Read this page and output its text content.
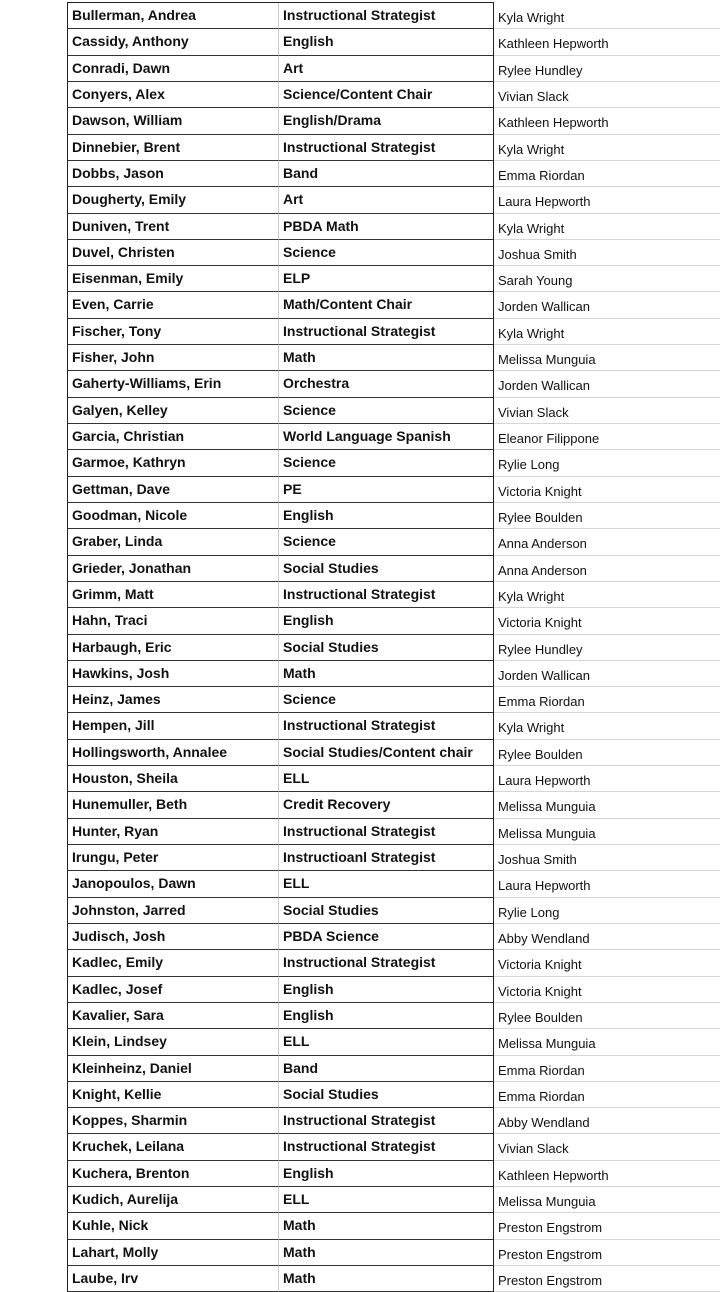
Bullerman, Andrea	Instructional Strategist	Kyla Wright
Cassidy, Anthony	English	Kathleen Hepworth
Conradi, Dawn	Art	Rylee Hundley
Conyers, Alex	Science/Content Chair	Vivian Slack
Dawson, William	English/Drama	Kathleen Hepworth
Dinnebier, Brent	Instructional Strategist	Kyla Wright
Dobbs, Jason	Band	Emma Riordan
Dougherty, Emily	Art	Laura Hepworth
Duniven, Trent	PBDA Math	Kyla Wright
Duvel, Christen	Science	Joshua Smith
Eisenman, Emily	ELP	Sarah Young
Even, Carrie	Math/Content Chair	Jorden Wallican
Fischer, Tony	Instructional Strategist	Kyla Wright
Fisher, John	Math	Melissa Munguia
Gaherty-Williams, Erin	Orchestra	Jorden Wallican
Galyen, Kelley	Science	Vivian Slack
Garcia, Christian	World Language Spanish	Eleanor Filippone
Garmoe, Kathryn	Science	Rylie Long
Gettman, Dave	PE	Victoria Knight
Goodman, Nicole	English	Rylee Boulden
Graber, Linda	Science	Anna Anderson
Grieder, Jonathan	Social Studies	Anna Anderson
Grimm, Matt	Instructional Strategist	Kyla Wright
Hahn, Traci	English	Victoria Knight
Harbaugh, Eric	Social Studies	Rylee Hundley
Hawkins, Josh	Math	Jorden Wallican
Heinz, James	Science	Emma Riordan
Hempen, Jill	Instructional Strategist	Kyla Wright
Hollingsworth, Annalee	Social Studies/Content chair	Rylee Boulden
Houston, Sheila	ELL	Laura Hepworth
Hunemuller, Beth	Credit Recovery	Melissa Munguia
Hunter, Ryan	Instructional Strategist	Melissa Munguia
Irungu, Peter	Instructioanl Strategist	Joshua Smith
Janopoulos, Dawn	ELL	Laura Hepworth
Johnston, Jarred	Social Studies	Rylie Long
Judisch, Josh	PBDA Science	Abby Wendland
Kadlec, Emily	Instructional Strategist	Victoria Knight
Kadlec, Josef	English	Victoria Knight
Kavalier, Sara	English	Rylee Boulden
Klein, Lindsey	ELL	Melissa Munguia
Kleinheinz, Daniel	Band	Emma Riordan
Knight, Kellie	Social Studies	Emma Riordan
Koppes, Sharmin	Instructional Strategist	Abby Wendland
Kruchek, Leilana	Instructional Strategist	Vivian Slack
Kuchera, Brenton	English	Kathleen Hepworth
Kudich, Aurelija	ELL	Melissa Munguia
Kuhle, Nick	Math	Preston Engstrom
Lahart, Molly	Math	Preston Engstrom
Laube, Irv	Math	Preston Engstrom
